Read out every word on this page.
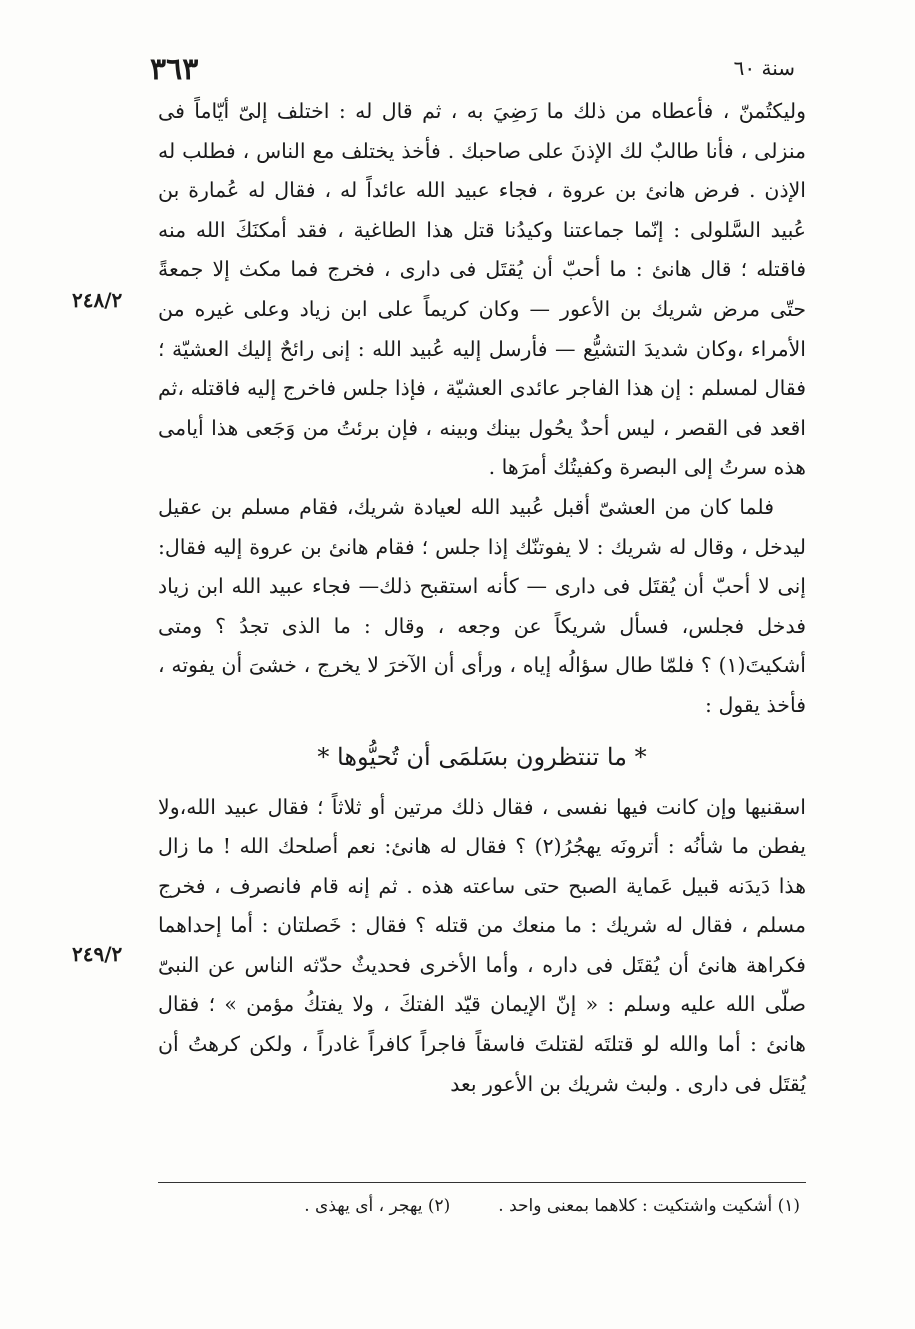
٣٦٣	سنة ٦٠
٢٤٨/٢
٢٤٩/٢

وليكتُمنّ ، فأعطاه من ذلك ما رَضِيَ به ، ثم قال له : اختلف إلىّ أيّاماً فى منزلى ، فأنا طالبٌ لك الإذنَ على صاحبك . فأخذ يختلف مع الناس ، فطلب له الإذن . فرض هانئ بن عروة ، فجاء عبيد الله عائداً له ، فقال له عُمارة بن عُبيد السَّلولى : إنّما جماعتنا وكيدُنا قتل هذا الطاغية ، فقد أمكنَكَ الله منه فاقتله ؛ قال هانئ : ما أحبّ أن يُقتَل فى دارى ، فخرج فما مكث إلا جمعةً حتّى مرض شريك بن الأعور — وكان كريماً على ابن زياد وعلى غيره من الأمراء ،وكان شديدَ التشيُّع — فأرسل إليه عُبيد الله : إنى رائحٌ إليك العشيّة ؛ فقال لمسلم : إن هذا الفاجر عائدى العشيّة ، فإذا جلس فاخرج إليه فاقتله ،ثم اقعد فى القصر ، ليس أحدٌ يحُول بينك وبينه ، فإن برئتُ من وَجَعى هذا أيامى هذه سرتُ إلى البصرة وكفيتُك أمرَها .

فلما كان من العشىّ أقبل عُبيد الله لعيادة شريك، فقام مسلم بن عقيل ليدخل ، وقال له شريك : لا يفوتنّك إذا جلس ؛ فقام هانئ بن عروة إليه فقال: إنى لا أحبّ أن يُقتَل فى دارى — كأنه استقبح ذلك— فجاء عبيد الله ابن زياد فدخل فجلس، فسأل شريكاً عن وجعه ، وقال : ما الذى تجدُ ؟ ومتى أشكيتَ(١) ؟ فلمّا طال سؤالُه إياه ، ورأى أن الآخرَ لا يخرج ، خشىَ أن يفوته ، فأخذ يقول :

* ما تنتظرون بسَلمَى أن تُحيُّوها *

اسقنيها وإن كانت فيها نفسى ، فقال ذلك مرتين أو ثلاثاً ؛ فقال عبيد الله،ولا يفطن ما شأنُه : أترونَه يهجُرُ(٢) ؟ فقال له هانئ: نعم أصلحك الله ! ما زال هذا دَيدَنه قبيل عَماية الصبح حتى ساعته هذه . ثم إنه قام فانصرف ، فخرج مسلم ، فقال له شريك : ما منعك من قتله ؟ فقال : خَصلتان : أما إحداهما فكراهة هانئ أن يُقتَل فى داره ، وأما الأخرى فحديثٌ حدّثه الناس عن النبىّ صلّى الله عليه وسلم : « إنّ الإيمان قيّد الفتكَ ، ولا يفتكُ مؤمن » ؛ فقال هانئ : أما والله لو قتلتَه لقتلتَ فاسقاً فاجراً كافراً غادراً ، ولكن كرهتُ أن يُقتَل فى دارى . ولبث شريك بن الأعور بعد

(١) أشكيت واشتكيت : كلاهما بمعنى واحد .
(٢) يهجر ، أى يهذى .
